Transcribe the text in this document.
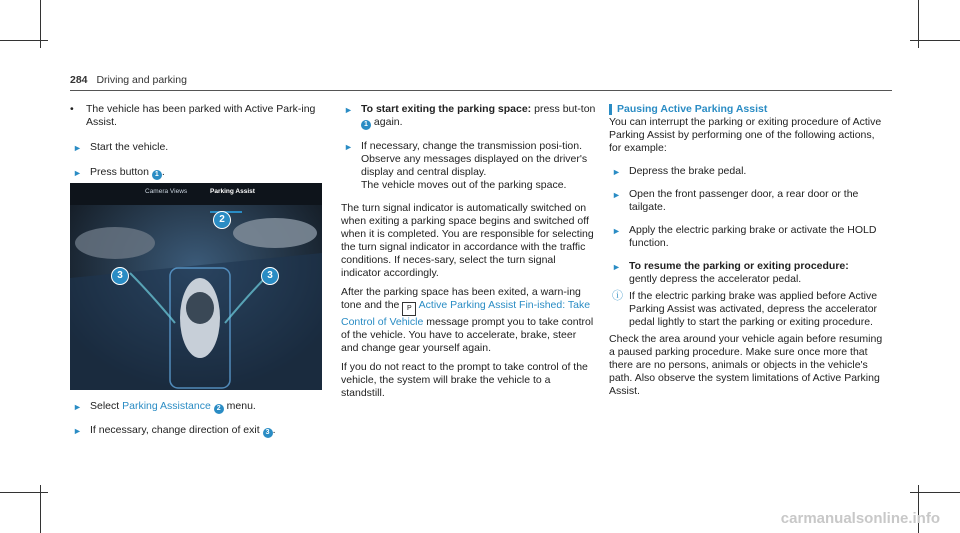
284 Driving and parking
• The vehicle has been parked with Active Park-ing Assist.
► Start the vehicle.
► Press button 1 .
Camera Views	Parking Assist
2
3	3
► Select Parking Assistance 2 menu.
► If necessary, change direction of exit 3 .
► To start exiting the parking space: press but-ton 1 again.
► If necessary, change the transmission posi-tion. Observe any messages displayed on the driver's display and central display.

The vehicle moves out of the parking space.

The turn signal indicator is automatically switched on when exiting a parking space begins and switched off when it is completed. You are responsible for selecting the turn signal indicator in accordance with the traffic conditions. If neces-sary, select the turn signal indicator accordingly.

After the parking space has been exited, a warn-ing tone and the P Active Parking Assist Fin-ished: Take Control of Vehicle message prompt you to take control of the vehicle. You have to accelerate, brake, steer and change gear yourself again.

If you do not react to the prompt to take control of the vehicle, the system will brake the vehicle to a standstill.

Pausing Active Parking Assist

You can interrupt the parking or exiting procedure of Active Parking Assist by performing one of the following actions, for example:

► Depress the brake pedal.
► Open the front passenger door, a rear door or the tailgate.
► Apply the electric parking brake or activate the HOLD function.
► To resume the parking or exiting procedure:
gently depress the accelerator pedal.
ⓘ If the electric parking brake was applied before Active Parking Assist was activated, depress the accelerator pedal lightly to start the parking or exiting procedure.

Check the area around your vehicle again before resuming a paused parking procedure. Make sure once more that there are no persons, animals or objects in the vehicle's path. Also observe the system limitations of Active Parking Assist.

carmanualsonline.info
